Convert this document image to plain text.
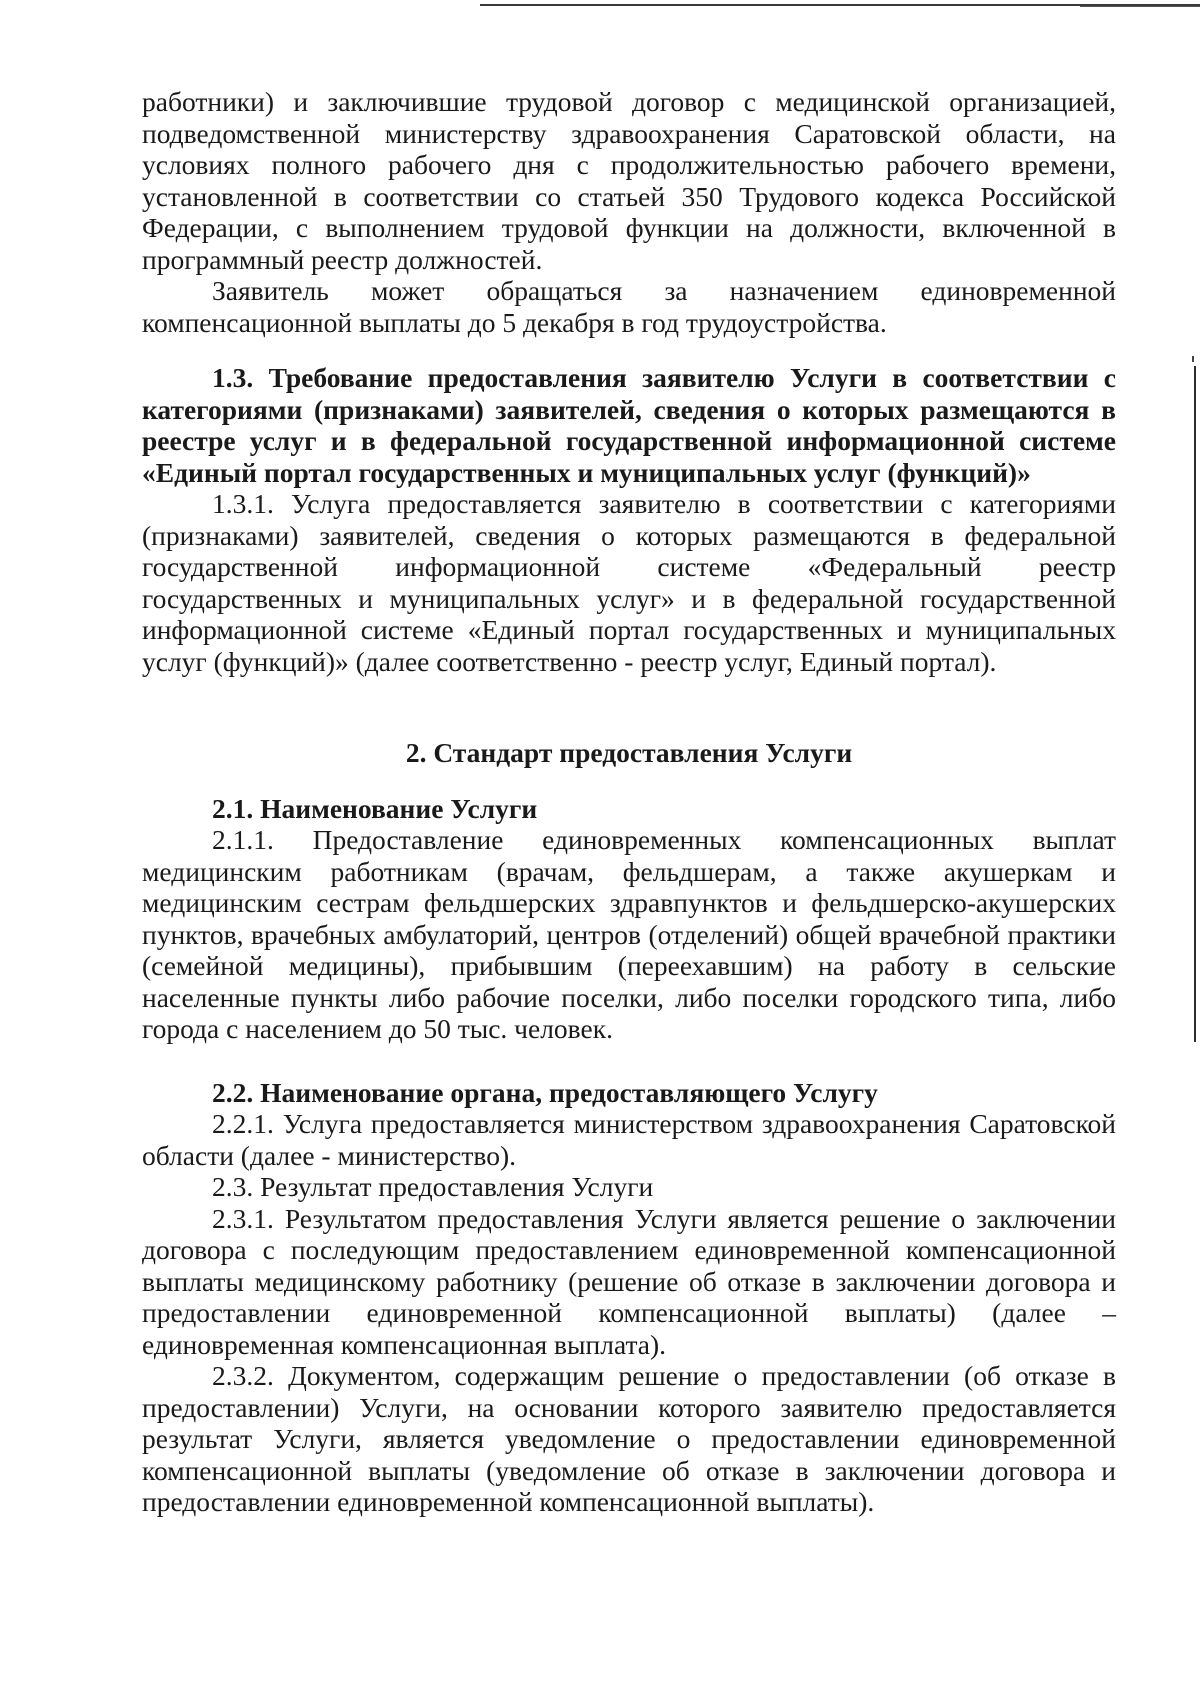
работники) и заключившие трудовой договор с медицинской организацией, подведомственной министерству здравоохранения Саратовской области, на условиях полного рабочего дня с продолжительностью рабочего времени, установленной в соответствии со статьей 350 Трудового кодекса Российской Федерации, с выполнением трудовой функции на должности, включенной в программный реестр должностей.

Заявитель может обращаться за назначением единовременной компенсационной выплаты до 5 декабря в год трудоустройства.

1.3. Требование предоставления заявителю Услуги в соответствии с категориями (признаками) заявителей, сведения о которых размещаются в реестре услуг и в федеральной государственной информационной системе «Единый портал государственных и муниципальных услуг (функций)»

1.3.1. Услуга предоставляется заявителю в соответствии с категориями (признаками) заявителей, сведения о которых размещаются в федеральной государственной информационной системе «Федеральный реестр государственных и муниципальных услуг» и в федеральной государственной информационной системе «Единый портал государственных и муниципальных услуг (функций)» (далее соответственно - реестр услуг, Единый портал).

2. Стандарт предоставления Услуги

2.1. Наименование Услуги

2.1.1. Предоставление единовременных компенсационных выплат медицинским работникам (врачам, фельдшерам, а также акушеркам и медицинским сестрам фельдшерских здравпунктов и фельдшерско-акушерских пунктов, врачебных амбулаторий, центров (отделений) общей врачебной практики (семейной медицины), прибывшим (переехавшим) на работу в сельские населенные пункты либо рабочие поселки, либо поселки городского типа, либо города с населением до 50 тыс. человек.

2.2. Наименование органа, предоставляющего Услугу

2.2.1. Услуга предоставляется министерством здравоохранения Саратовской области (далее - министерство).

2.3. Результат предоставления Услуги

2.3.1. Результатом предоставления Услуги является решение о заключении договора с последующим предоставлением единовременной компенсационной выплаты медицинскому работнику (решение об отказе в заключении договора и предоставлении единовременной компенсационной выплаты) (далее – единовременная компенсационная выплата).

2.3.2. Документом, содержащим решение о предоставлении (об отказе в предоставлении) Услуги, на основании которого заявителю предоставляется результат Услуги, является уведомление о предоставлении единовременной компенсационной выплаты (уведомление об отказе в заключении договора и предоставлении единовременной компенсационной выплаты).
